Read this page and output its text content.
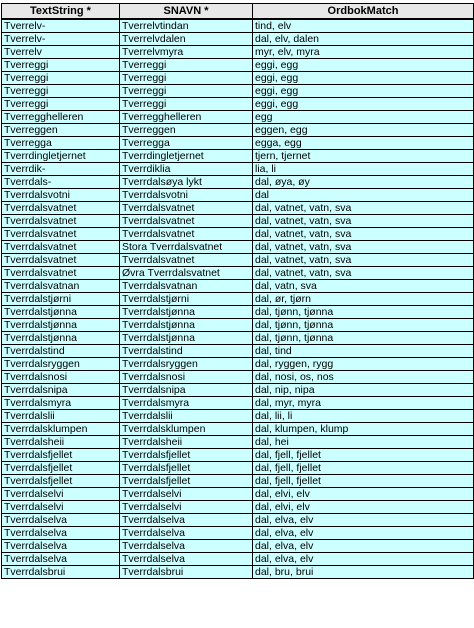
TextString *	SNAVN *	OrdbokMatch
Tverrelv-	Tverrelvtindan	tind, elv
Tverrelv-	Tverrelvdalen	dal, elv, dalen
Tverrelv	Tverrelvmyra	myr, elv, myra
Tverreggi	Tverreggi	eggi, egg
Tverreggi	Tverreggi	eggi, egg
Tverreggi	Tverreggi	eggi, egg
Tverreggi	Tverreggi	eggi, egg
Tverregghelleren	Tverregghelleren	egg
Tverreggen	Tverreggen	eggen, egg
Tverregga	Tverregga	egga, egg
Tverrdingletjernet	Tverrdingletjernet	tjern, tjernet
Tverrdik-	Tverrdiklia	lia, li
Tverrdals-	Tverrdalsøya lykt	dal, øya, øy
Tverrdalsvotni	Tverrdalsvotni	dal
Tverrdalsvatnet	Tverrdalsvatnet	dal, vatnet, vatn, sva
Tverrdalsvatnet	Tverrdalsvatnet	dal, vatnet, vatn, sva
Tverrdalsvatnet	Tverrdalsvatnet	dal, vatnet, vatn, sva
Tverrdalsvatnet	Stora Tverrdalsvatnet	dal, vatnet, vatn, sva
Tverrdalsvatnet	Tverrdalsvatnet	dal, vatnet, vatn, sva
Tverrdalsvatnet	Øvra Tverrdalsvatnet	dal, vatnet, vatn, sva
Tverrdalsvatnan	Tverrdalsvatnan	dal, vatn, sva
Tverrdalstjørni	Tverrdalstjørni	dal, ør, tjørn
Tverrdalstjønna	Tverrdalstjønna	dal, tjønn, tjønna
Tverrdalstjønna	Tverrdalstjønna	dal, tjønn, tjønna
Tverrdalstjønna	Tverrdalstjønna	dal, tjønn, tjønna
Tverrdalstind	Tverrdalstind	dal, tind
Tverrdalsryggen	Tverrdalsryggen	dal, ryggen, rygg
Tverrdalsnosi	Tverrdalsnosi	dal, nosi, os, nos
Tverrdalsnipa	Tverrdalsnipa	dal, nip, nipa
Tverrdalsmyra	Tverrdalsmyra	dal, myr, myra
Tverrdalslii	Tverrdalslii	dal, lii, li
Tverrdalsklumpen	Tverrdalsklumpen	dal, klumpen, klump
Tverrdalsheii	Tverrdalsheii	dal, hei
Tverrdalsfjellet	Tverrdalsfjellet	dal, fjell, fjellet
Tverrdalsfjellet	Tverrdalsfjellet	dal, fjell, fjellet
Tverrdalsfjellet	Tverrdalsfjellet	dal, fjell, fjellet
Tverrdalselvi	Tverrdalselvi	dal, elvi, elv
Tverrdalselvi	Tverrdalselvi	dal, elvi, elv
Tverrdalselva	Tverrdalselva	dal, elva, elv
Tverrdalselva	Tverrdalselva	dal, elva, elv
Tverrdalselva	Tverrdalselva	dal, elva, elv
Tverrdalselva	Tverrdalselva	dal, elva, elv
Tverrdalsbrui	Tverrdalsbrui	dal, bru, brui
